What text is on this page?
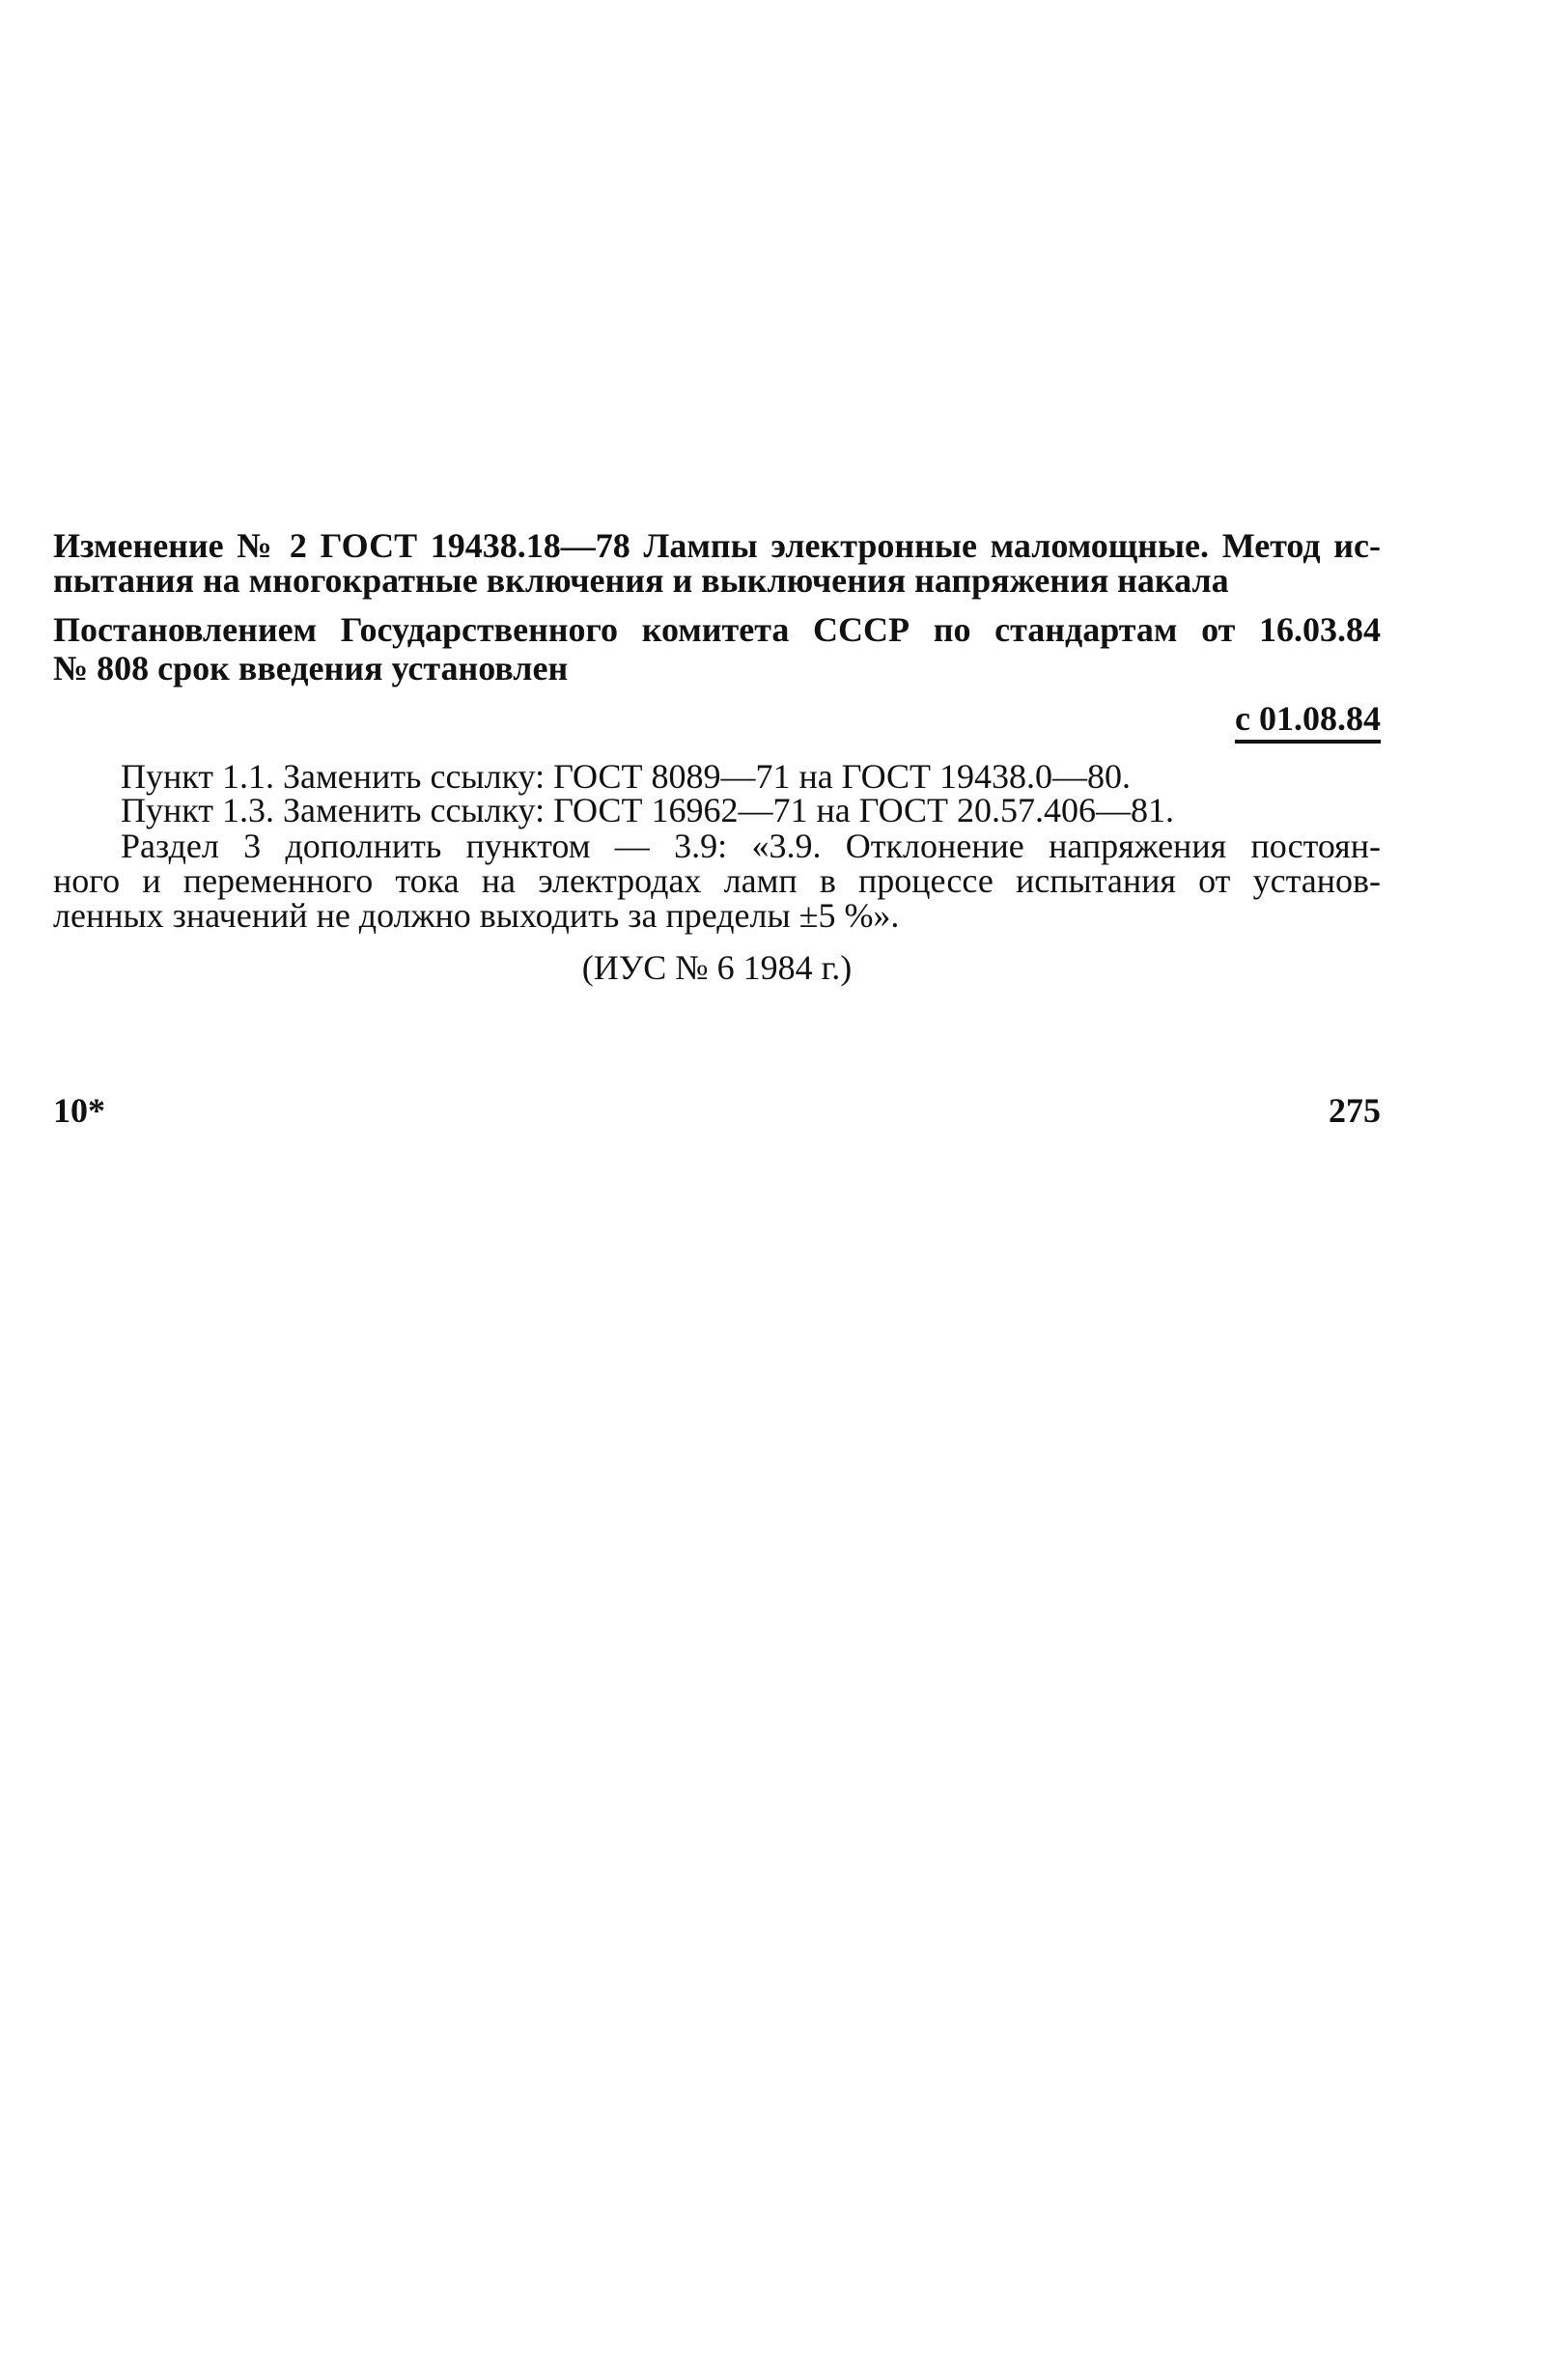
Изменение № 2 ГОСТ 19438.18—78 Лампы электронные маломощные. Метод ис-
пытания на многократные включения и выключения напряжения накала
Постановлением Государственного комитета СССР по стандартам от 16.03.84
№ 808 срок введения установлен
с 01.08.84
Пункт 1.1. Заменить ссылку: ГОСТ 8089—71 на ГОСТ 19438.0—80.
Пункт 1.3. Заменить ссылку: ГОСТ 16962—71 на ГОСТ 20.57.406—81.
Раздел 3 дополнить пунктом — 3.9: «3.9. Отклонение напряжения постоян-
ного и переменного тока на электродах ламп в процессе испытания от установ-
ленных значений не должно выходить за пределы ±5 %».
(ИУС № 6 1984 г.)
10*	275
